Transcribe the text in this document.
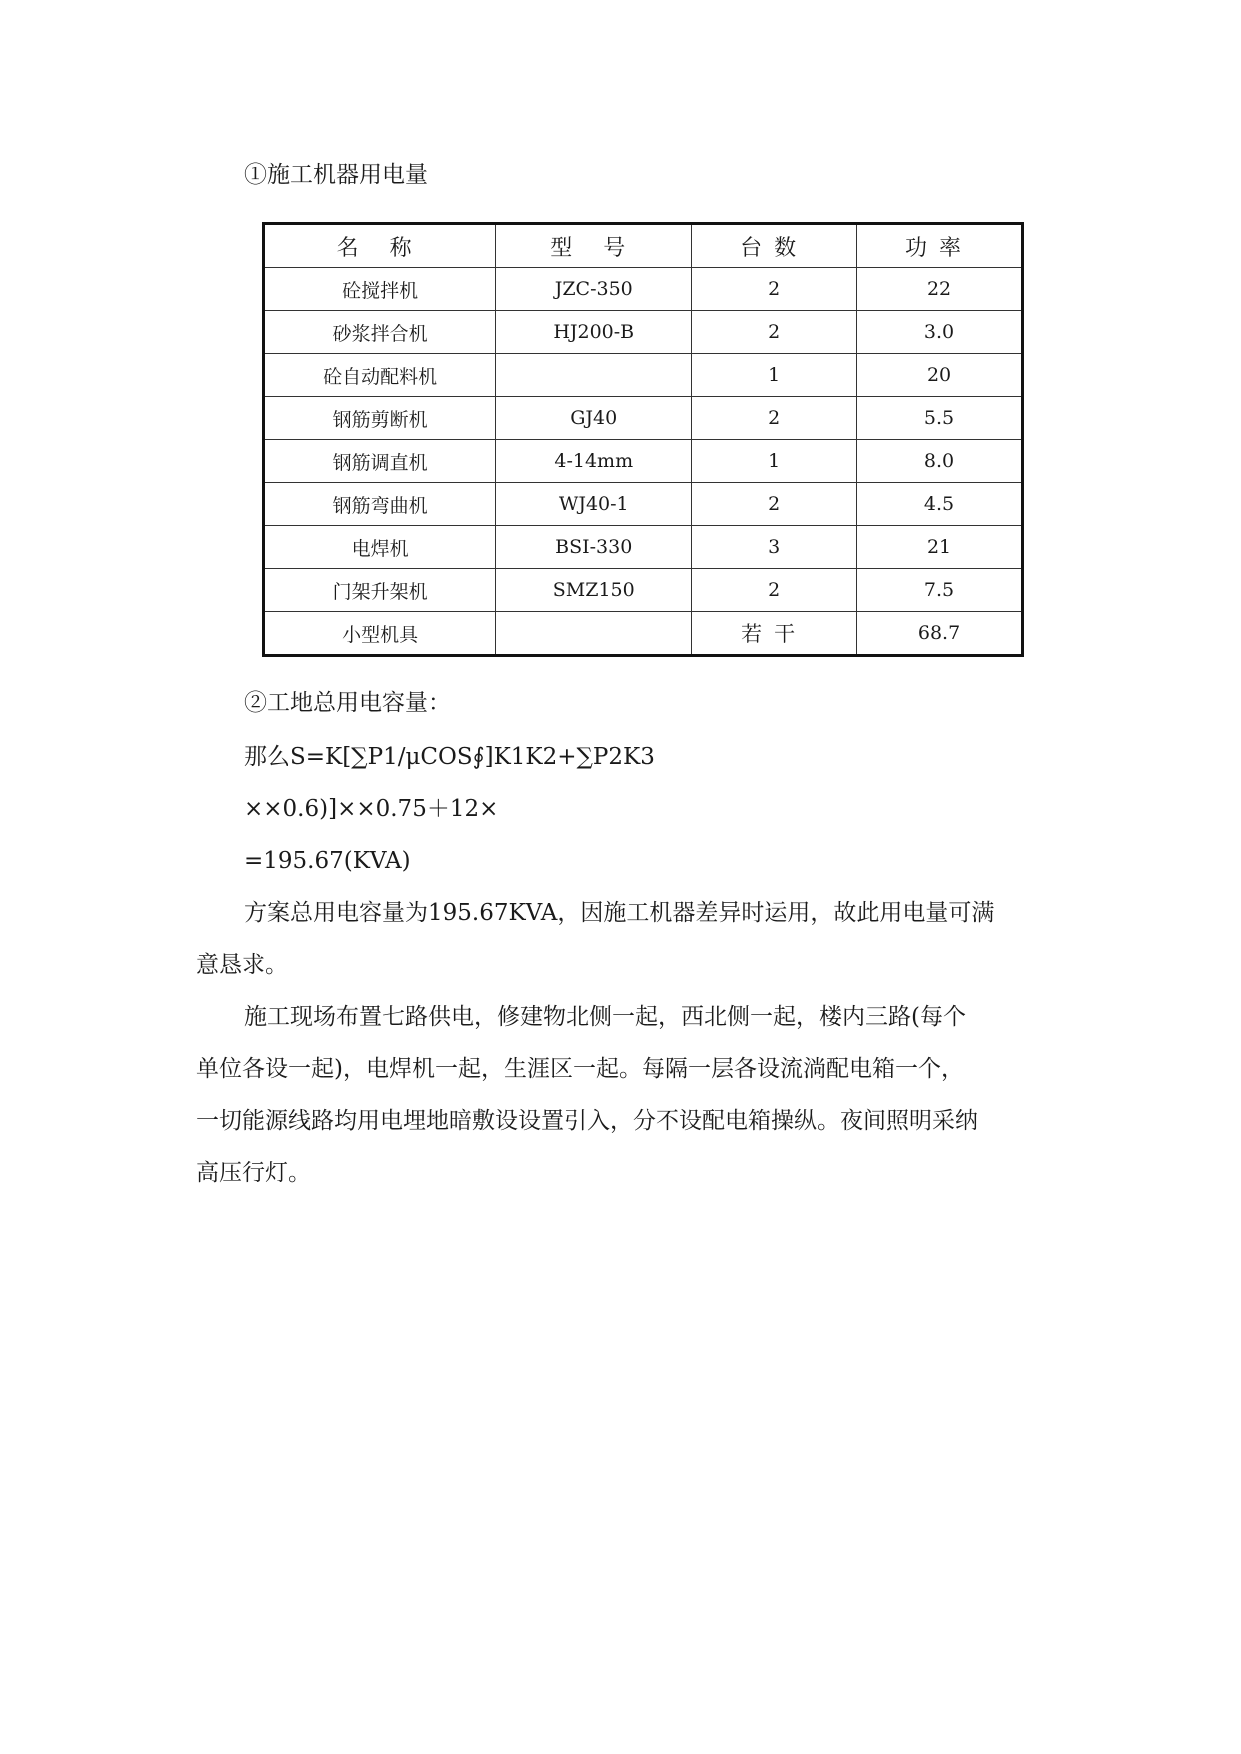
①施工机器用电量
名 称	型 号	台数	功率
砼搅拌机	JZC-350	2	22
砂浆拌合机	HJ200-B	2	3.0
砼自动配料机		1	20
钢筋剪断机	GJ40	2	5.5
钢筋调直机	4-14mm	1	8.0
钢筋弯曲机	WJ40-1	2	4.5
电焊机	BSI-330	3	21
门架升架机	SMZ150	2	7.5
小型机具		若干	68.7
②工地总用电容量：
那么S=K[∑P1/μCOS∮]K1K2+∑P2K3
××0.6)]××0.75＋12×
=195.67(KVA)
方案总用电容量为195.67KVA，因施工机器差异时运用，故此用电量可满
意恳求。
施工现场布置七路供电，修建物北侧一起，西北侧一起，楼内三路(每个
单位各设一起)，电焊机一起，生涯区一起。每隔一层各设流淌配电箱一个，
一切能源线路均用电埋地暗敷设设置引入，分不设配电箱操纵。夜间照明采纳
高压行灯。
